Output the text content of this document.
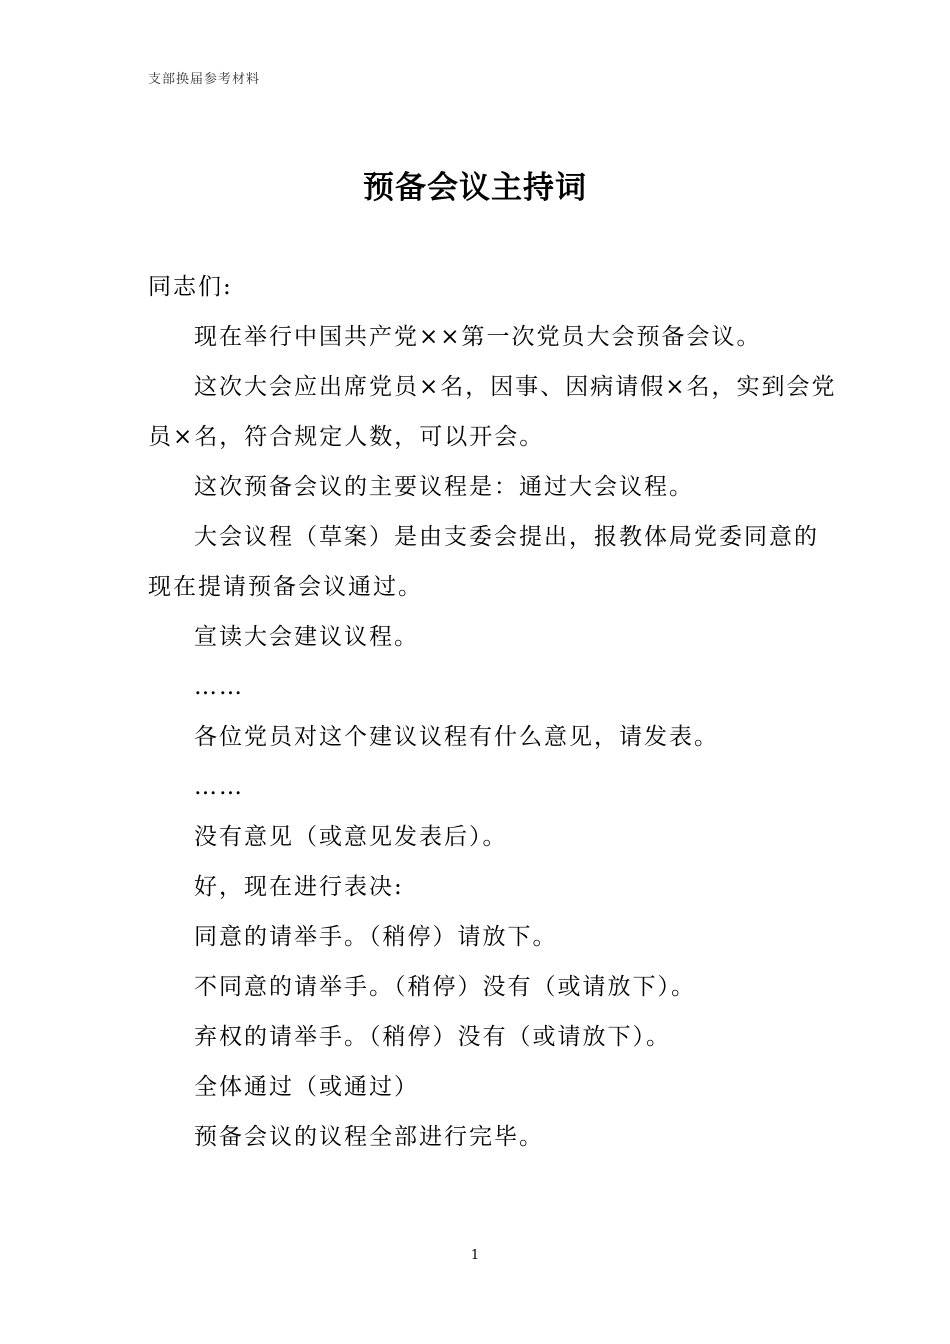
支部换届参考材料
预备会议主持词

同志们:

现在举行中国共产党××第一次党员大会预备会议。

这次大会应出席党员×名，因事、因病请假×名，实到会党员×名，符合规定人数，可以开会。

这次预备会议的主要议程是：通过大会议程。

大会议程（草案）是由支委会提出，报教体局党委同意的现在提请预备会议通过。

宣读大会建议议程。

……

各位党员对这个建议议程有什么意见，请发表。

……

没有意见（或意见发表后）。

好，现在进行表决:

同意的请举手。（稍停）请放下。

不同意的请举手。（稍停）没有（或请放下）。

弃权的请举手。（稍停）没有（或请放下）。

全体通过（或通过）

预备会议的议程全部进行完毕。

1
